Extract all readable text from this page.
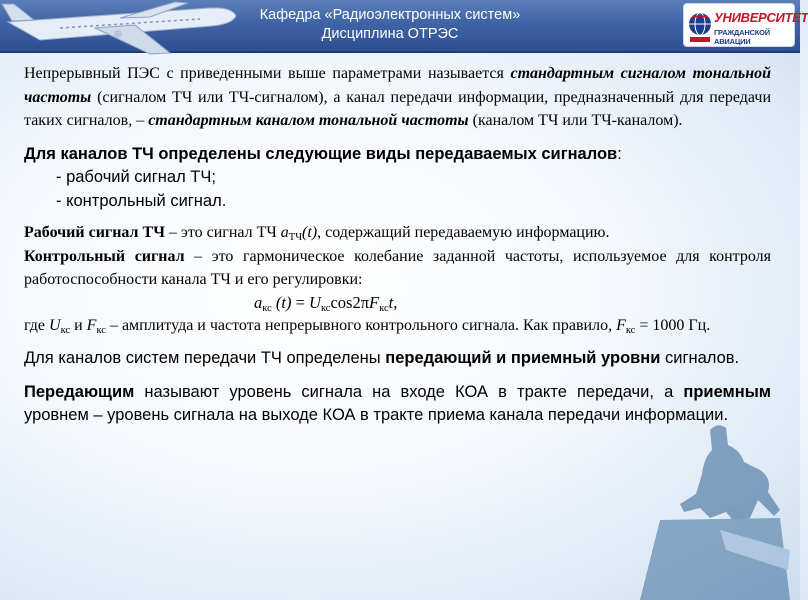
Кафедра «Радиоэлектронных систем»
Дисциплина ОТРЭС
УНИВЕРСИТЕТ
ГРАЖДАНСКОЙ АВИАЦИИ
Непрерывный ПЭС с приведенными выше параметрами называется стандартным сигналом тональной частоты (сигналом ТЧ или ТЧ-сигналом), а канал передачи информации, предназначенный для передачи таких сигналов, – стандартным каналом тональной частоты (каналом ТЧ или ТЧ-каналом).
Для каналов ТЧ определены следующие виды передаваемых сигналов:
- рабочий сигнал ТЧ;
- контрольный сигнал.
Рабочий сигнал ТЧ – это сигнал ТЧ $a_{ТЧ}(t)$, содержащий передаваемую информацию.
Контрольный сигнал – это гармоническое колебание заданной частоты, используемое для контроля работоспособности канала ТЧ и его регулировки:
$a_{кс}$ $(t) = U_{кс}\cos 2\pi F_{кс}t$,
где $U_{кс}$ и $F_{кс}$ – амплитуда и частота непрерывного контрольного сигнала. Как правило, $F_{кс} = 1000$ Гц.
Для каналов систем передачи ТЧ определены передающий и приемный уровни сигналов.
Передающим называют уровень сигнала на входе КОА в тракте передачи, а приемным уровнем – уровень сигнала на выходе КОА в тракте приема канала передачи информации.
